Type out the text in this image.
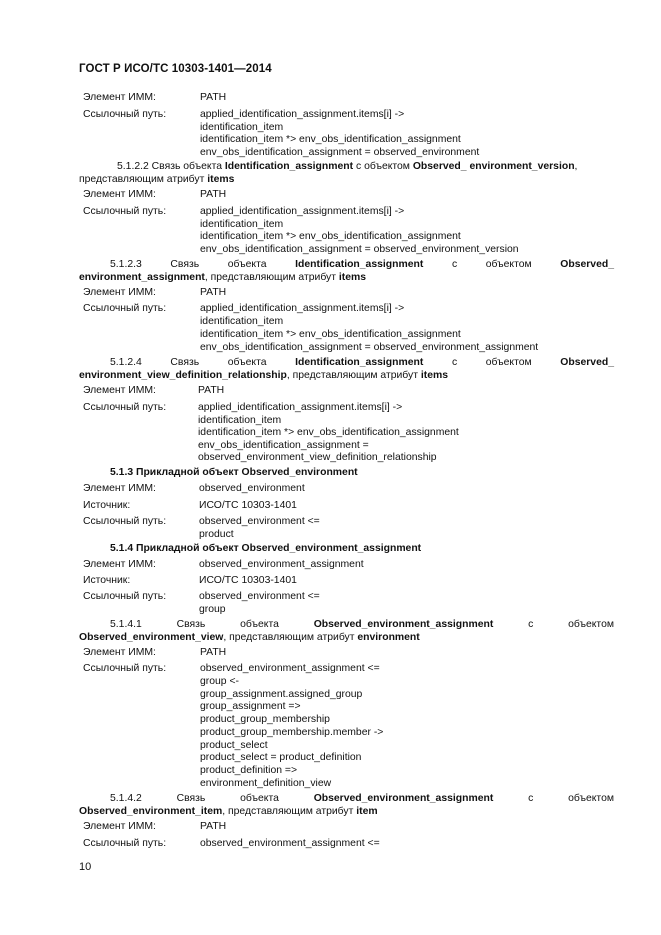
ГОСТ Р ИСО/ТС 10303-1401—2014
Элемент ИММ:	PATH
Ссылочный путь:	applied_identification_assignment.items[i] ->
identification_item
identification_item *> env_obs_identification_assignment
env_obs_identification_assignment = observed_environment
5.1.2.2 Связь объекта Identification_assignment с объектом Observed_ environment_version,
представляющим атрибут items
Элемент ИММ:	PATH
Ссылочный путь:	applied_identification_assignment.items[i] ->
identification_item
identification_item *> env_obs_identification_assignment
env_obs_identification_assignment = observed_environment_version
5.1.2.3	Связь	объекта	Identification_assignment	с	объектом	Observed_
environment_assignment, представляющим атрибут items
Элемент ИММ:	PATH
Ссылочный путь:	applied_identification_assignment.items[i] ->
identification_item
identification_item *> env_obs_identification_assignment
env_obs_identification_assignment = observed_environment_assignment
5.1.2.4	Связь	объекта	Identification_assignment	с	объектом	Observed_
environment_view_definition_relationship, представляющим атрибут items
Элемент ИММ:	PATH
Ссылочный путь:	applied_identification_assignment.items[i] ->
identification_item
identification_item *> env_obs_identification_assignment
env_obs_identification_assignment =
observed_environment_view_definition_relationship
5.1.3 Прикладной объект Observed_environment
Элемент ИММ:	observed_environment
Источник:	ИСО/ТС 10303-1401
Ссылочный путь:	observed_environment <=
product
5.1.4 Прикладной объект Observed_environment_assignment
Элемент ИММ:	observed_environment_assignment
Источник:	ИСО/ТС 10303-1401
Ссылочный путь:	observed_environment <=
group
5.1.4.1	Связь	объекта	Observed_environment_assignment	с	объектом
Observed_environment_view, представляющим атрибут environment
Элемент ИММ:	PATH
Ссылочный путь:	observed_environment_assignment <=
group <-
group_assignment.assigned_group
group_assignment =>
product_group_membership
product_group_membership.member ->
product_select
product_select = product_definition
product_definition =>
environment_definition_view
5.1.4.2	Связь	объекта	Observed_environment_assignment	с	объектом
Observed_environment_item, представляющим атрибут item
Элемент ИММ:	PATH
Ссылочный путь:	observed_environment_assignment <=
10
